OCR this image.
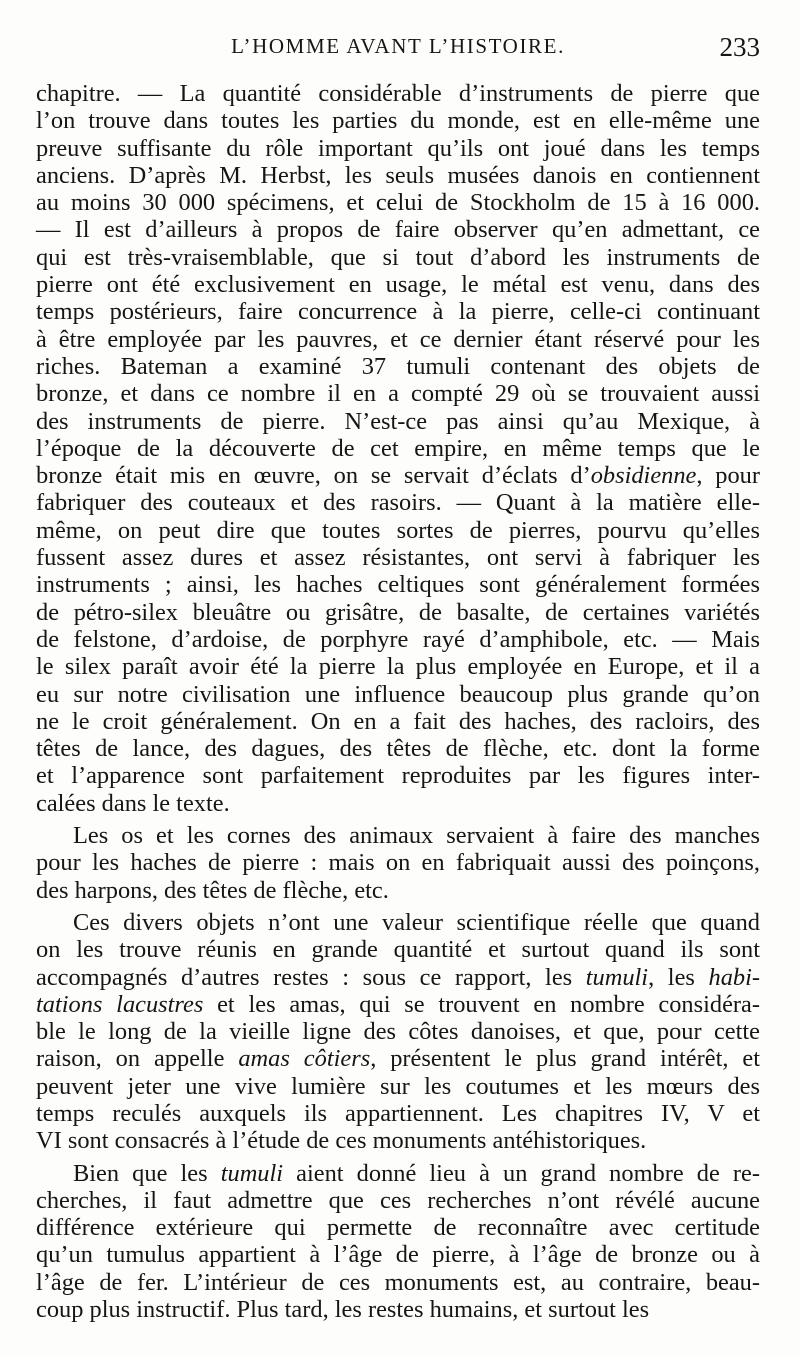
L’HOMME AVANT L’HISTOIRE.	233
chapitre. — La quantité considérable d’instruments de pierre que
l’on trouve dans toutes les parties du monde, est en elle-même une
preuve suffisante du rôle important qu’ils ont joué dans les temps
anciens. D’après M. Herbst, les seuls musées danois en contiennent
au moins 30 000 spécimens, et celui de Stockholm de 15 à 16 000.
— Il est d’ailleurs à propos de faire observer qu’en admettant, ce
qui est très-vraisemblable, que si tout d’abord les instruments de
pierre ont été exclusivement en usage, le métal est venu, dans des
temps postérieurs, faire concurrence à la pierre, celle-ci continuant
à être employée par les pauvres, et ce dernier étant réservé pour les
riches. Bateman a examiné 37 tumuli contenant des objets de
bronze, et dans ce nombre il en a compté 29 où se trouvaient aussi
des instruments de pierre. N’est-ce pas ainsi qu’au Mexique, à
l’époque de la découverte de cet empire, en même temps que le
bronze était mis en œuvre, on se servait d’éclats d’obsidienne, pour
fabriquer des couteaux et des rasoirs. — Quant à la matière elle-
même, on peut dire que toutes sortes de pierres, pourvu qu’elles
fussent assez dures et assez résistantes, ont servi à fabriquer les
instruments ; ainsi, les haches celtiques sont généralement formées
de pétro-silex bleuâtre ou grisâtre, de basalte, de certaines variétés
de felstone, d’ardoise, de porphyre rayé d’amphibole, etc. — Mais
le silex paraît avoir été la pierre la plus employée en Europe, et il a
eu sur notre civilisation une influence beaucoup plus grande qu’on
ne le croit généralement. On en a fait des haches, des racloirs, des
têtes de lance, des dagues, des têtes de flèche, etc. dont la forme
et l’apparence sont parfaitement reproduites par les figures inter-
calées dans le texte.
Les os et les cornes des animaux servaient à faire des manches
pour les haches de pierre : mais on en fabriquait aussi des poinçons,
des harpons, des têtes de flèche, etc.
Ces divers objets n’ont une valeur scientifique réelle que quand
on les trouve réunis en grande quantité et surtout quand ils sont
accompagnés d’autres restes : sous ce rapport, les tumuli, les habi-
tations lacustres et les amas, qui se trouvent en nombre considéra-
ble le long de la vieille ligne des côtes danoises, et que, pour cette
raison, on appelle amas côtiers, présentent le plus grand intérêt, et
peuvent jeter une vive lumière sur les coutumes et les mœurs des
temps reculés auxquels ils appartiennent. Les chapitres IV, V et
VI sont consacrés à l’étude de ces monuments antéhistoriques.
Bien que les tumuli aient donné lieu à un grand nombre de re-
cherches, il faut admettre que ces recherches n’ont révélé aucune
différence extérieure qui permette de reconnaître avec certitude
qu’un tumulus appartient à l’âge de pierre, à l’âge de bronze ou à
l’âge de fer. L’intérieur de ces monuments est, au contraire, beau-
coup plus instructif. Plus tard, les restes humains, et surtout les
